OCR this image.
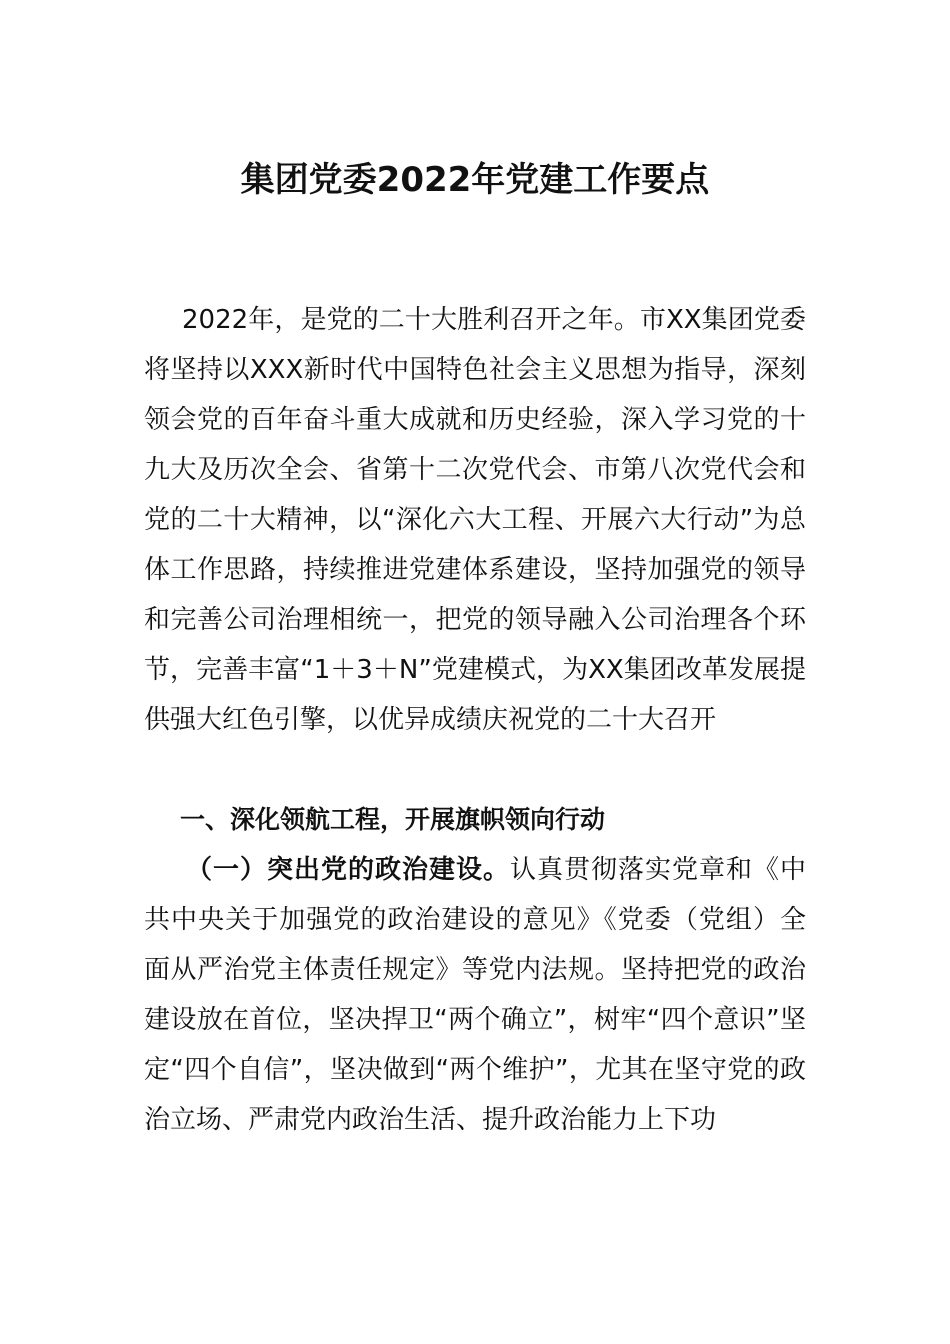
集团党委2022年党建工作要点

2022年，是党的二十大胜利召开之年。市XX集团党委将坚持以XXX新时代中国特色社会主义思想为指导，深刻领会党的百年奋斗重大成就和历史经验，深入学习党的十九大及历次全会、省第十二次党代会、市第八次党代会和党的二十大精神，以“深化六大工程、开展六大行动”为总体工作思路，持续推进党建体系建设，坚持加强党的领导和完善公司治理相统一，把党的领导融入公司治理各个环节，完善丰富“1＋3＋N”党建模式，为XX集团改革发展提供强大红色引擎，以优异成绩庆祝党的二十大召开

一、深化领航工程，开展旗帜领向行动

（一）突出党的政治建设。认真贯彻落实党章和《中共中央关于加强党的政治建设的意见》《党委（党组）全面从严治党主体责任规定》等党内法规。坚持把党的政治建设放在首位，坚决捍卫“两个确立”，树牢“四个意识”坚定“四个自信”，坚决做到“两个维护”，尤其在坚守党的政治立场、严肃党内政治生活、提升政治能力上下功
